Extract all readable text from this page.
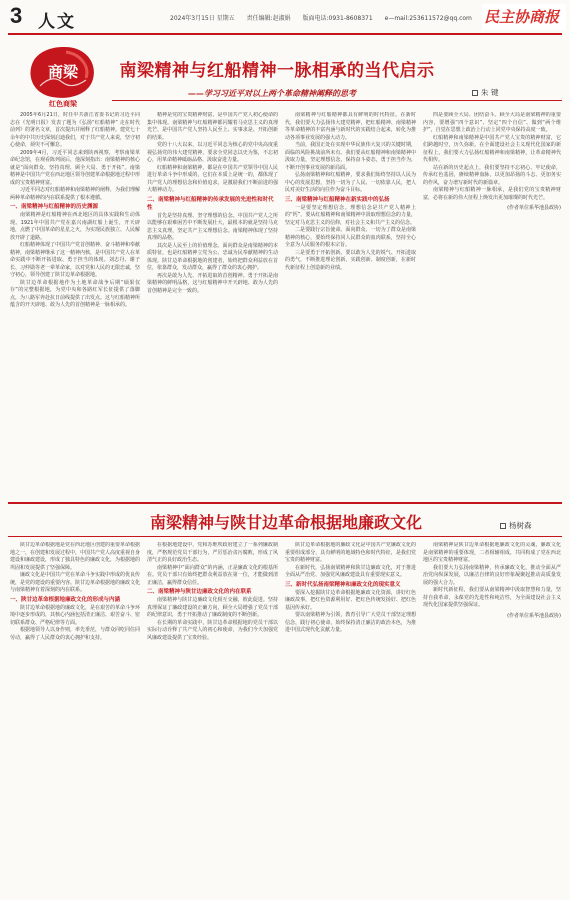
3 人文	2024年3月15日 星期五 责任编辑:赵淑娟 版面电话:0931-8608371 e—mail:253611572@qq.com 民主协商报
商梁
红色商梁
南梁精神与红船精神一脉相承的当代启示
——学习习近平对以上两个革命精神阐释的思考	朱 键

2005年6月21日，时任中共浙江省委书记的习近平同志在《光明日报》发表了题为《弘扬“红船精神” 走在时代前列》的署名文章，首次提出并阐释了红船精神。建党七十余年的中共历史深刻启迪我们，对于共产党人来说，坚守初心使命，须臾不可懈怠。

2009年4月，习近平同志来到陕西视察，考察南梁革命纪念馆，在观看陈列展后，他深刻指出：南梁精神的核心就是“面向群众、坚持真理、顾全大局、勇于开拓”。南梁精神是中国共产党在西北地区领导创建革命根据地过程中形成的宝贵精神财富。

习近平同志对红船精神和南梁精神的阐释，为我们理解两种革命精神的内在联系提供了根本遵循。

一、南梁精神与红船精神的历史渊源

南梁精神是红船精神在西北地区的具体实践和生动体现。1921年中国共产党在嘉兴南湖红船上诞生，开天辟地，点燃了中国革命的星星之火，为实现民族独立、人民解放开辟了道路。

红船精神体现了中国共产党首创精神、奋斗精神和奉献精神，南梁精神继承了这一精神内核，是中国共产党人在革命实践中不断开拓进取、勇于担当的体现。刘志丹、谢子长、习仲勋等老一辈革命家，以对党和人民的无限忠诚，坚守初心，领导创建了陕甘边革命根据地。

陕甘边革命根据地作为土地革命战争后期“硕果仅存”的完整根据地，为党中央和各路红军长征提供了落脚点，为八路军奔赴抗日前线提供了出发点。这与红船精神所蕴含的开天辟地、敢为人先的首创精神是一脉相承的。

精神是党的宝贵精神财富，是中国共产党人初心使命的集中体现。南梁精神与红船精神都闪耀着马克思主义的真理光芒，是中国共产党人坚持人民至上、实事求是、开拓创新的结果。

党的十八大以来，以习近平同志为核心的党中央高度重视弘扬党的伟大建党精神，要求全党同志以史为鉴，不忘初心，用革命精神砥砺品格、汲取奋进力量。

红船精神和南梁精神，都是在中国共产党领导中国人民进行革命斗争中形成的，它们在本质上是统一的，都体现了共产党人的理想信念和价值追求，是激励我们不断前进的强大精神动力。

二、南梁精神与红船精神的传承发展的先进性和时代性

首先是坚持真理、坚守理想的信念。中国共产党人之所以能够在艰难困苦中不断发展壮大，最根本的就是坚持马克思主义真理，坚定共产主义理想信念。南梁精神体现了坚持真理的品格。

其次是人民至上的价值理念。面向群众是南梁精神的本质特征，也是红船精神立党为公、忠诚为民奉献精神的生动体现。陕甘边革命根据地的创建者，始终把群众利益放在首位，依靠群众，发动群众，赢得了群众的衷心拥护。

再次是敢为人先、开拓进取的首创精神。勇于开拓是南梁精神的鲜明品格，这与红船精神中开天辟地、敢为人先的首创精神是完全一致的。

南梁精神与红船精神都具有鲜明的时代特征。在新时代，我们要大力弘扬伟大建党精神，把红船精神、南梁精神等革命精神的丰富内涵与新时代的实践结合起来，转化为推动各项事业发展的强大动力。

当前，我国正处在实现中华民族伟大复兴的关键时期，面临的风险挑战前所未有。我们要从红船精神和南梁精神中汲取力量，坚定理想信念，保持奋斗姿态，勇于担当作为，不断开创事业发展的新局面。

弘扬南梁精神和红船精神，要求我们始终坚持以人民为中心的发展思想，坚持一切为了人民、一切依靠人民，把人民对美好生活的向往作为奋斗目标。

三、南梁精神与红船精神在新实践中的弘扬

一是要坚定理想信念。理想信念是共产党人精神上的“钙”，要从红船精神和南梁精神中汲取理想信念的力量，坚定对马克思主义的信仰，对社会主义和共产主义的信念。

二是要践行宗旨使命。面向群众、一切为了群众是南梁精神的核心，要始终保持同人民群众的血肉联系，坚持全心全意为人民服务的根本宗旨。

三是要勇于开拓创新。要以敢为人先的锐气、开拓进取的勇气，不断推进理论创新、实践创新、制度创新，在新时代新征程上创造新的业绩。

四是要顾全大局、团结奋斗。顾全大局是南梁精神的重要内容，要增强“四个意识”、坚定“四个自信”、做到“两个维护”，自觉在思想上政治上行动上同党中央保持高度一致。

红船精神和南梁精神是中国共产党人宝贵的精神财富，它们跨越时空，历久弥新。在全面建设社会主义现代化国家的新征程上，我们要大力弘扬红船精神和南梁精神，让革命精神代代相传。

站在新的历史起点上，我们要坚持不忘初心、牢记使命，传承红色基因，赓续精神血脉，以更加昂扬的斗志、更加务实的作风，奋力谱写新时代的新篇章。

南梁精神与红船精神一脉相承，是我们党的宝贵精神财富，必将在新的伟大征程上焕发出更加璀璨的时代光芒。

(作者单位系华池县政协)
南梁精神与陕甘边革命根据地廉政文化	杨树森

陕甘边革命根据地是党在西北地区创建的重要革命根据地之一，在创建和发展过程中，中国共产党人高度重视自身建设和廉政建设，形成了独具特色的廉政文化，为根据地的巩固和发展提供了坚强保障。

廉政文化是中国共产党在革命斗争实践中形成的优良传统，是党的建设的重要内容。陕甘边革命根据地的廉政文化与南梁精神有着深刻的内在联系。

一、陕甘边革命根据地廉政文化的形成与内涵

陕甘边革命根据地的廉政文化，是在艰苦的革命斗争环境中逐步形成的，其核心内涵包括清正廉洁、艰苦奋斗、密切联系群众、严格纪律等方面。

根据地领导人以身作则，率先垂范，与群众同吃同住同劳动，赢得了人民群众的衷心拥护和支持。

在根据地建设中，党和苏维埃政府建立了一系列廉政制度，严格规范党员干部行为，严厉惩治贪污腐败，形成了风清气正的良好政治生态。

南梁精神中“面向群众”的内涵，正是廉政文化的根基所在。党员干部只有始终把群众利益放在第一位，才能做到清正廉洁，赢得群众信任。

二、南梁精神与陕甘边廉政文化的内在联系

南梁精神与陕甘边廉政文化相互交融，彼此促进。坚持真理保证了廉政建设的正确方向，顾全大局增强了党员干部的纪律意识，勇于开拓推动了廉政制度的不断创新。

在长期的革命实践中，陕甘边革命根据地的党员干部以实际行动诠释了共产党人的初心和使命，为我们今天加强党风廉政建设提供了宝贵经验。

陕甘边革命根据地的廉政文化是中国共产党廉政文化的重要组成部分，具有鲜明的地域特色和时代特征，是我们党宝贵的精神财富。

在新时代，弘扬南梁精神和陕甘边廉政文化，对于推进全面从严治党、加强党风廉政建设具有重要现实意义。

三、新时代弘扬南梁精神和廉政文化的现实意义

要深入挖掘陕甘边革命根据地廉政文化资源，讲好红色廉政故事，把红色资源利用好、把红色传统发扬好、把红色基因传承好。

要以南梁精神为引领，教育引导广大党员干部坚定理想信念，践行初心使命，始终保持清正廉洁的政治本色，为推进中国式现代化贡献力量。

南梁精神是陕甘边革命根据地廉政文化的灵魂，廉政文化是南梁精神的重要体现，二者相辅相成，共同构成了党在西北地区的宝贵精神财富。

我们要大力弘扬南梁精神，传承廉政文化，推动全面从严治党向纵深发展，以廉洁自律的良好形象凝聚起推动高质量发展的强大合力。

新时代新征程，我们要从南梁精神中汲取智慧和力量，坚持自我革命，永葆党的先进性和纯洁性，为全面建设社会主义现代化国家提供坚强保证。

(作者单位系华池县政协)
